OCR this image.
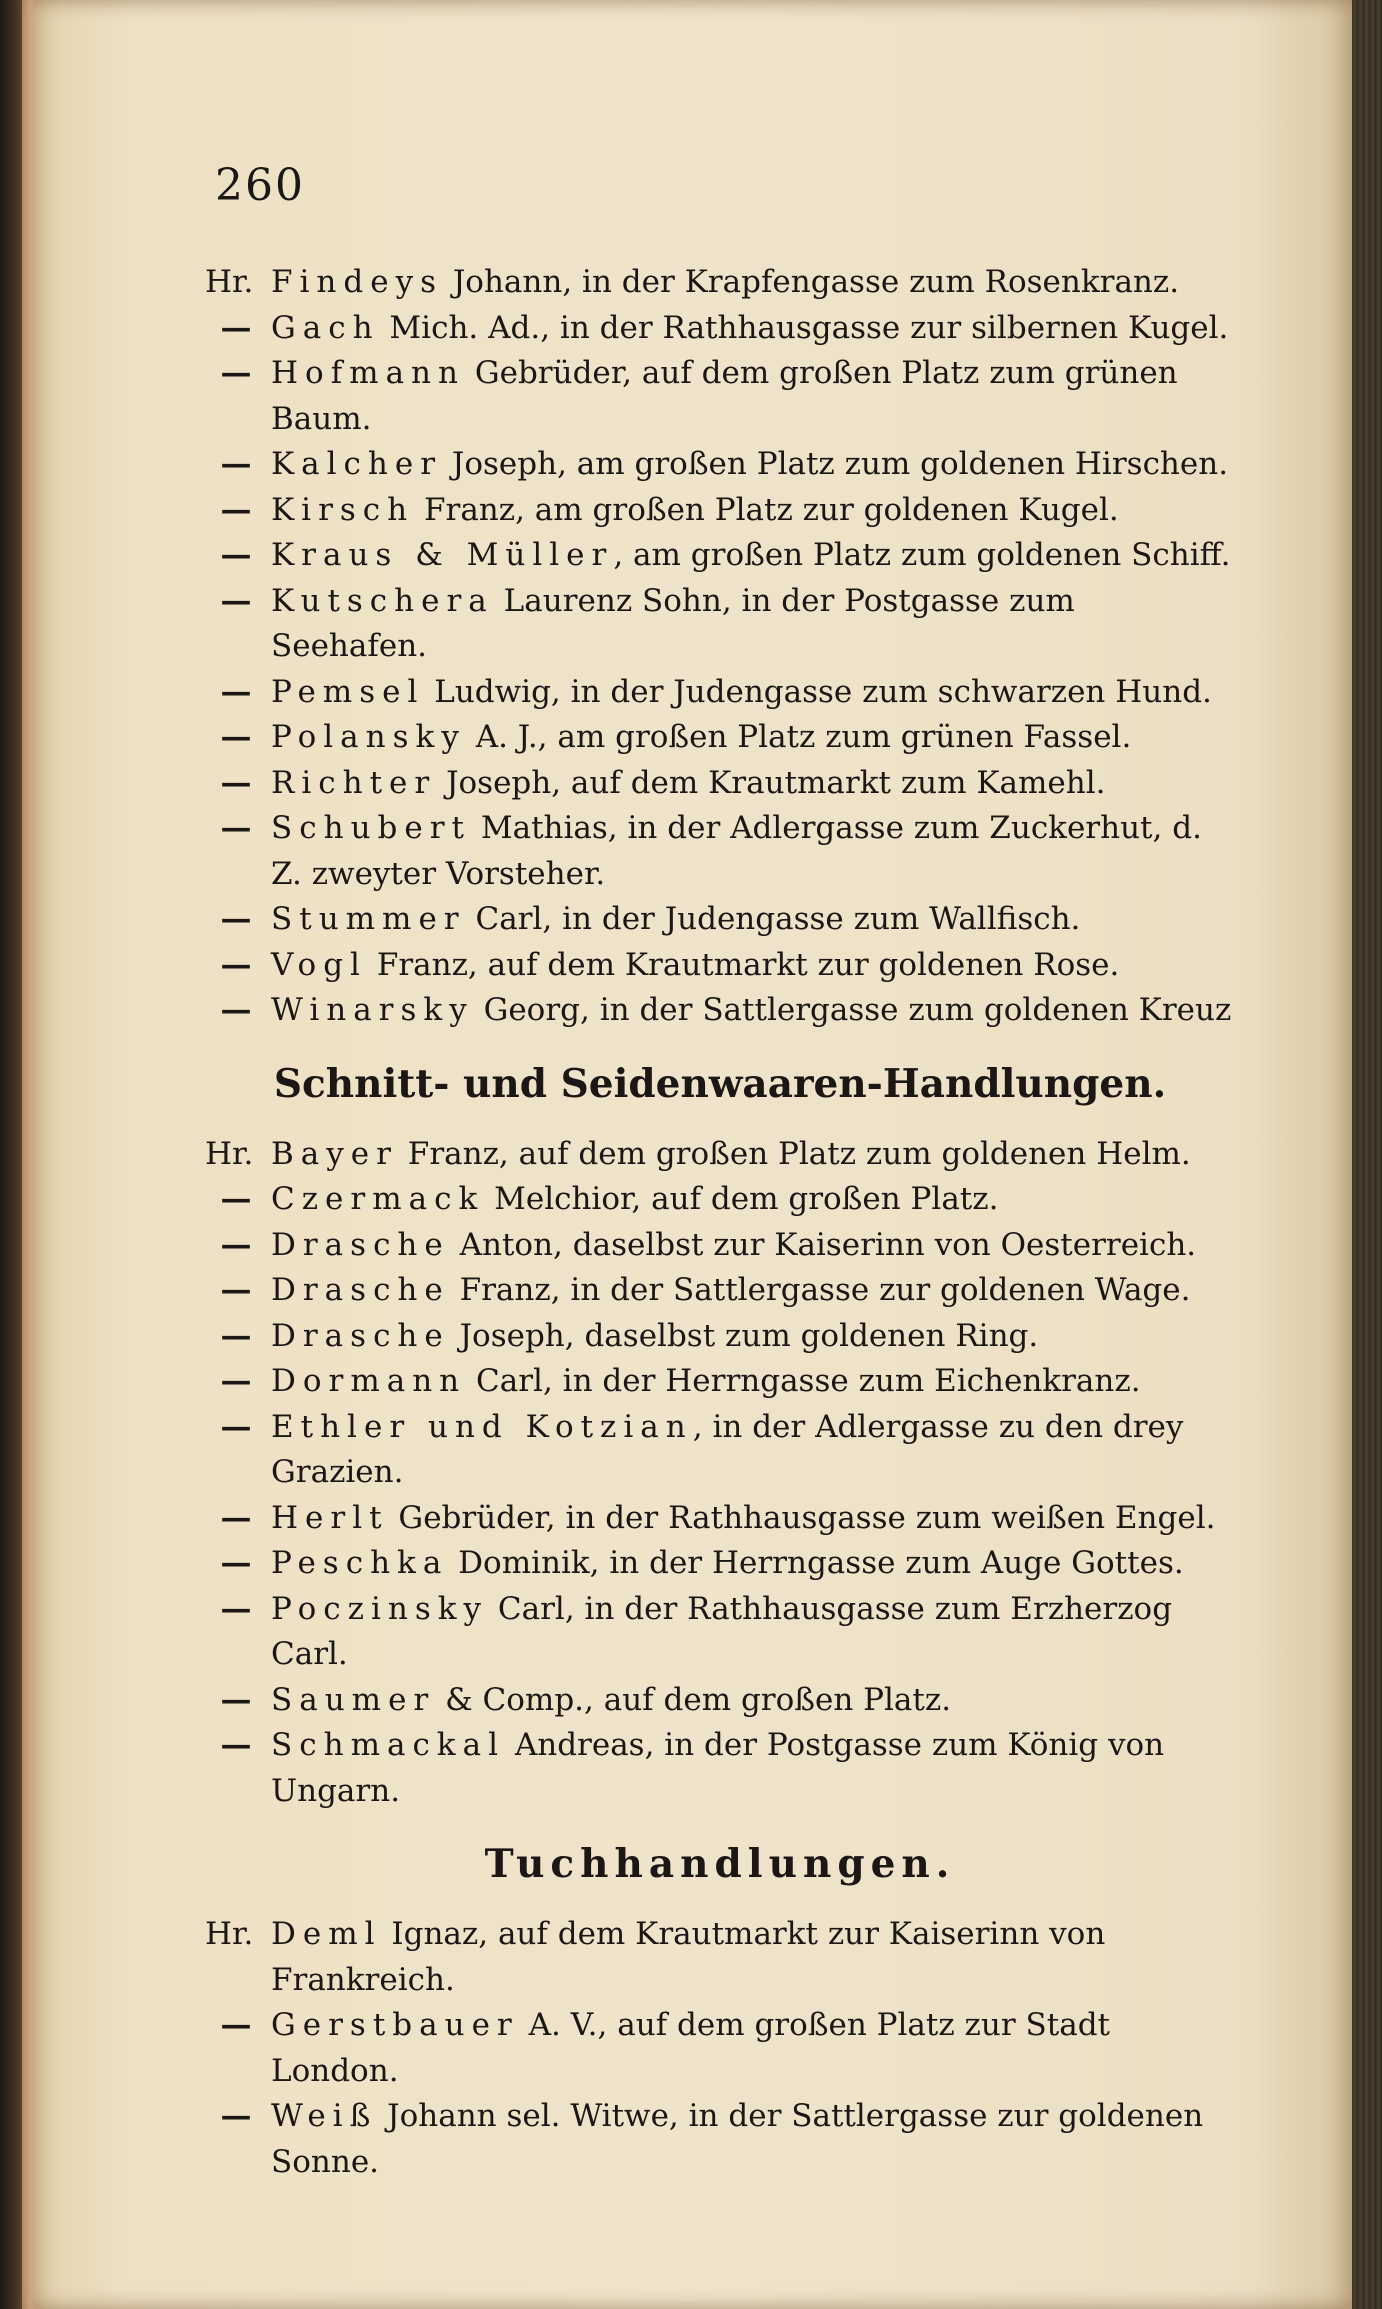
260
Hr. Findeys Johann, in der Krapfengasse zum Rosenkranz.
— Gach Mich. Ad., in der Rathhausgasse zur silbernen Kugel.
— Hofmann Gebrüder, auf dem großen Platz zum grünen Baum.
— Kalcher Joseph, am großen Platz zum goldenen Hirschen.
— Kirsch Franz, am großen Platz zur goldenen Kugel.
— Kraus & Müller, am großen Platz zum goldenen Schiff.
— Kutschera Laurenz Sohn, in der Postgasse zum Seehafen.
— Pemsel Ludwig, in der Judengasse zum schwarzen Hund.
— Polansky A. J., am großen Platz zum grünen Fassel.
— Richter Joseph, auf dem Krautmarkt zum Kamehl.
— Schubert Mathias, in der Adlergasse zum Zuckerhut, d. Z. zweyter Vorsteher.
— Stummer Carl, in der Judengasse zum Wallfisch.
— Vogl Franz, auf dem Krautmarkt zur goldenen Rose.
— Winarsky Georg, in der Sattlergasse zum goldenen Kreuz
Schnitt- und Seidenwaaren-Handlungen.
Hr. Bayer Franz, auf dem großen Platz zum goldenen Helm.
— Czermack Melchior, auf dem großen Platz.
— Drasche Anton, daselbst zur Kaiserinn von Oesterreich.
— Drasche Franz, in der Sattlergasse zur goldenen Wage.
— Drasche Joseph, daselbst zum goldenen Ring.
— Dormann Carl, in der Herrngasse zum Eichenkranz.
— Ethler und Kotzian, in der Adlergasse zu den drey Grazien.
— Herlt Gebrüder, in der Rathhausgasse zum weißen Engel.
— Peschka Dominik, in der Herrngasse zum Auge Gottes.
— Poczinsky Carl, in der Rathhausgasse zum Erzherzog Carl.
— Saumer & Comp., auf dem großen Platz.
— Schmackal Andreas, in der Postgasse zum König von Ungarn.
Tuchhandlungen.
Hr. Deml Ignaz, auf dem Krautmarkt zur Kaiserinn von Frankreich.
— Gerstbauer A. V., auf dem großen Platz zur Stadt London.
— Weiß Johann sel. Witwe, in der Sattlergasse zur goldenen Sonne.
